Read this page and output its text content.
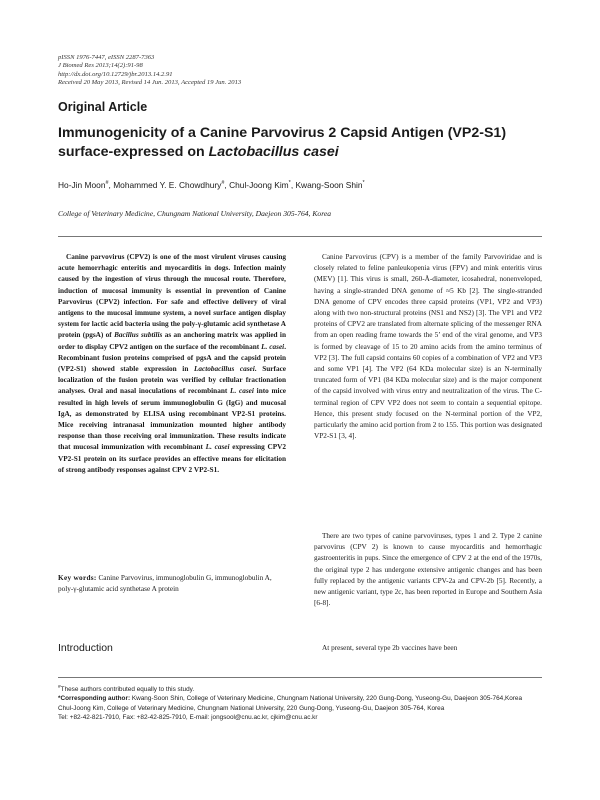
pISSN 1976-7447, eISSN 2287-7363
J Biomed Res 2013;14(2):91-98
http://dx.doi.org/10.12729/jbr.2013.14.2.91
Received 20 May 2013, Revised 14 Jun. 2013, Accepted 19 Jun. 2013
Original Article
Immunogenicity of a Canine Parvovirus 2 Capsid Antigen (VP2-S1)
surface-expressed on Lactobacillus casei
Ho-Jin Moon#, Mohammed Y. E. Chowdhury#, Chul-Joong Kim*, Kwang-Soon Shin*
College of Veterinary Medicine, Chungnam National University, Daejeon 305-764, Korea
Canine parvovirus (CPV2) is one of the most virulent viruses causing acute hemorrhagic enteritis and myocarditis in dogs. Infection mainly caused by the ingestion of virus through the mucosal route. Therefore, induction of mucosal immunity is essential in prevention of Canine Parvovirus (CPV2) infection. For safe and effective delivery of viral antigens to the mucosal immune system, a novel surface antigen display system for lactic acid bacteria using the poly-γ-glutamic acid synthetase A protein (pgsA) of Bacillus subtilis as an anchoring matrix was applied in order to display CPV2 antigen on the surface of the recombinant L. casei. Recombinant fusion proteins comprised of pgsA and the capsid protein (VP2-S1) showed stable expression in Lactobacillus casei. Surface localization of the fusion protein was verified by cellular fractionation analyses. Oral and nasal inoculations of recombinant L. casei into mice resulted in high levels of serum immunoglobulin G (IgG) and mucosal IgA, as demonstrated by ELISA using recombinant VP2-S1 proteins. Mice receiving intranasal immunization mounted higher antibody response than those receiving oral immunization. These results indicate that mucosal immunization with recombinant L. casei expressing CPV2 VP2-S1 protein on its surface provides an effective means for elicitation of strong antibody responses against CPV 2 VP2-S1.
Key words: Canine Parvovirus, immunoglobulin G, immunoglobulin A, poly-γ-glutamic acid synthetase A protein
Introduction
Canine Parvovirus (CPV) is a member of the family Parvoviridae and is closely related to feline panleukopenia virus (FPV) and mink enteritis virus (MEV) [1]. This virus is small, 260-Å-diameter, icosahedral, nonenveloped, having a single-stranded DNA genome of ≈5 Kb [2]. The single-stranded DNA genome of CPV encodes three capsid proteins (VP1, VP2 and VP3) along with two non-structural proteins (NS1 and NS2) [3]. The VP1 and VP2 proteins of CPV2 are translated from alternate splicing of the messenger RNA from an open reading frame towards the 5’ end of the viral genome, and VP3 is formed by cleavage of 15 to 20 amino acids from the amino terminus of VP2 [3]. The full capsid contains 60 copies of a combination of VP2 and VP3 and some VP1 [4]. The VP2 (64 KDa molecular size) is an N-terminally truncated form of VP1 (84 KDa molecular size) and is the major component of the capsid involved with virus entry and neutralization of the virus. The C-terminal region of CPV VP2 does not seem to contain a sequential epitope. Hence, this present study focused on the N-terminal portion of the VP2, particularly the amino acid portion from 2 to 155. This portion was designated VP2-S1 [3, 4].
There are two types of canine parvoviruses, types 1 and 2. Type 2 canine parvovirus (CPV 2) is known to cause myocarditis and hemorrhagic gastroenteritis in pups. Since the emergence of CPV 2 at the end of the 1970s, the original type 2 has undergone extensive antigenic changes and has been fully replaced by the antigenic variants CPV-2a and CPV-2b [5]. Recently, a new antigenic variant, type 2c, has been reported in Europe and Southern Asia [6-8].
At present, several type 2b vaccines have been
#These authors contributed equally to this study.
*Corresponding author: Kwang-Soon Shin, College of Veterinary Medicine, Chungnam National University, 220 Gung-Dong, Yuseong-Gu, Daejeon 305-764,Korea
Chul-Joong Kim, College of Veterinary Medicine, Chungnam National University, 220 Gung-Dong, Yuseong-Gu, Daejeon 305-764, Korea
Tel: +82-42-821-7910, Fax: +82-42-825-7910, E-mail: jongsool@cnu.ac.kr, cjkim@cnu.ac.kr
